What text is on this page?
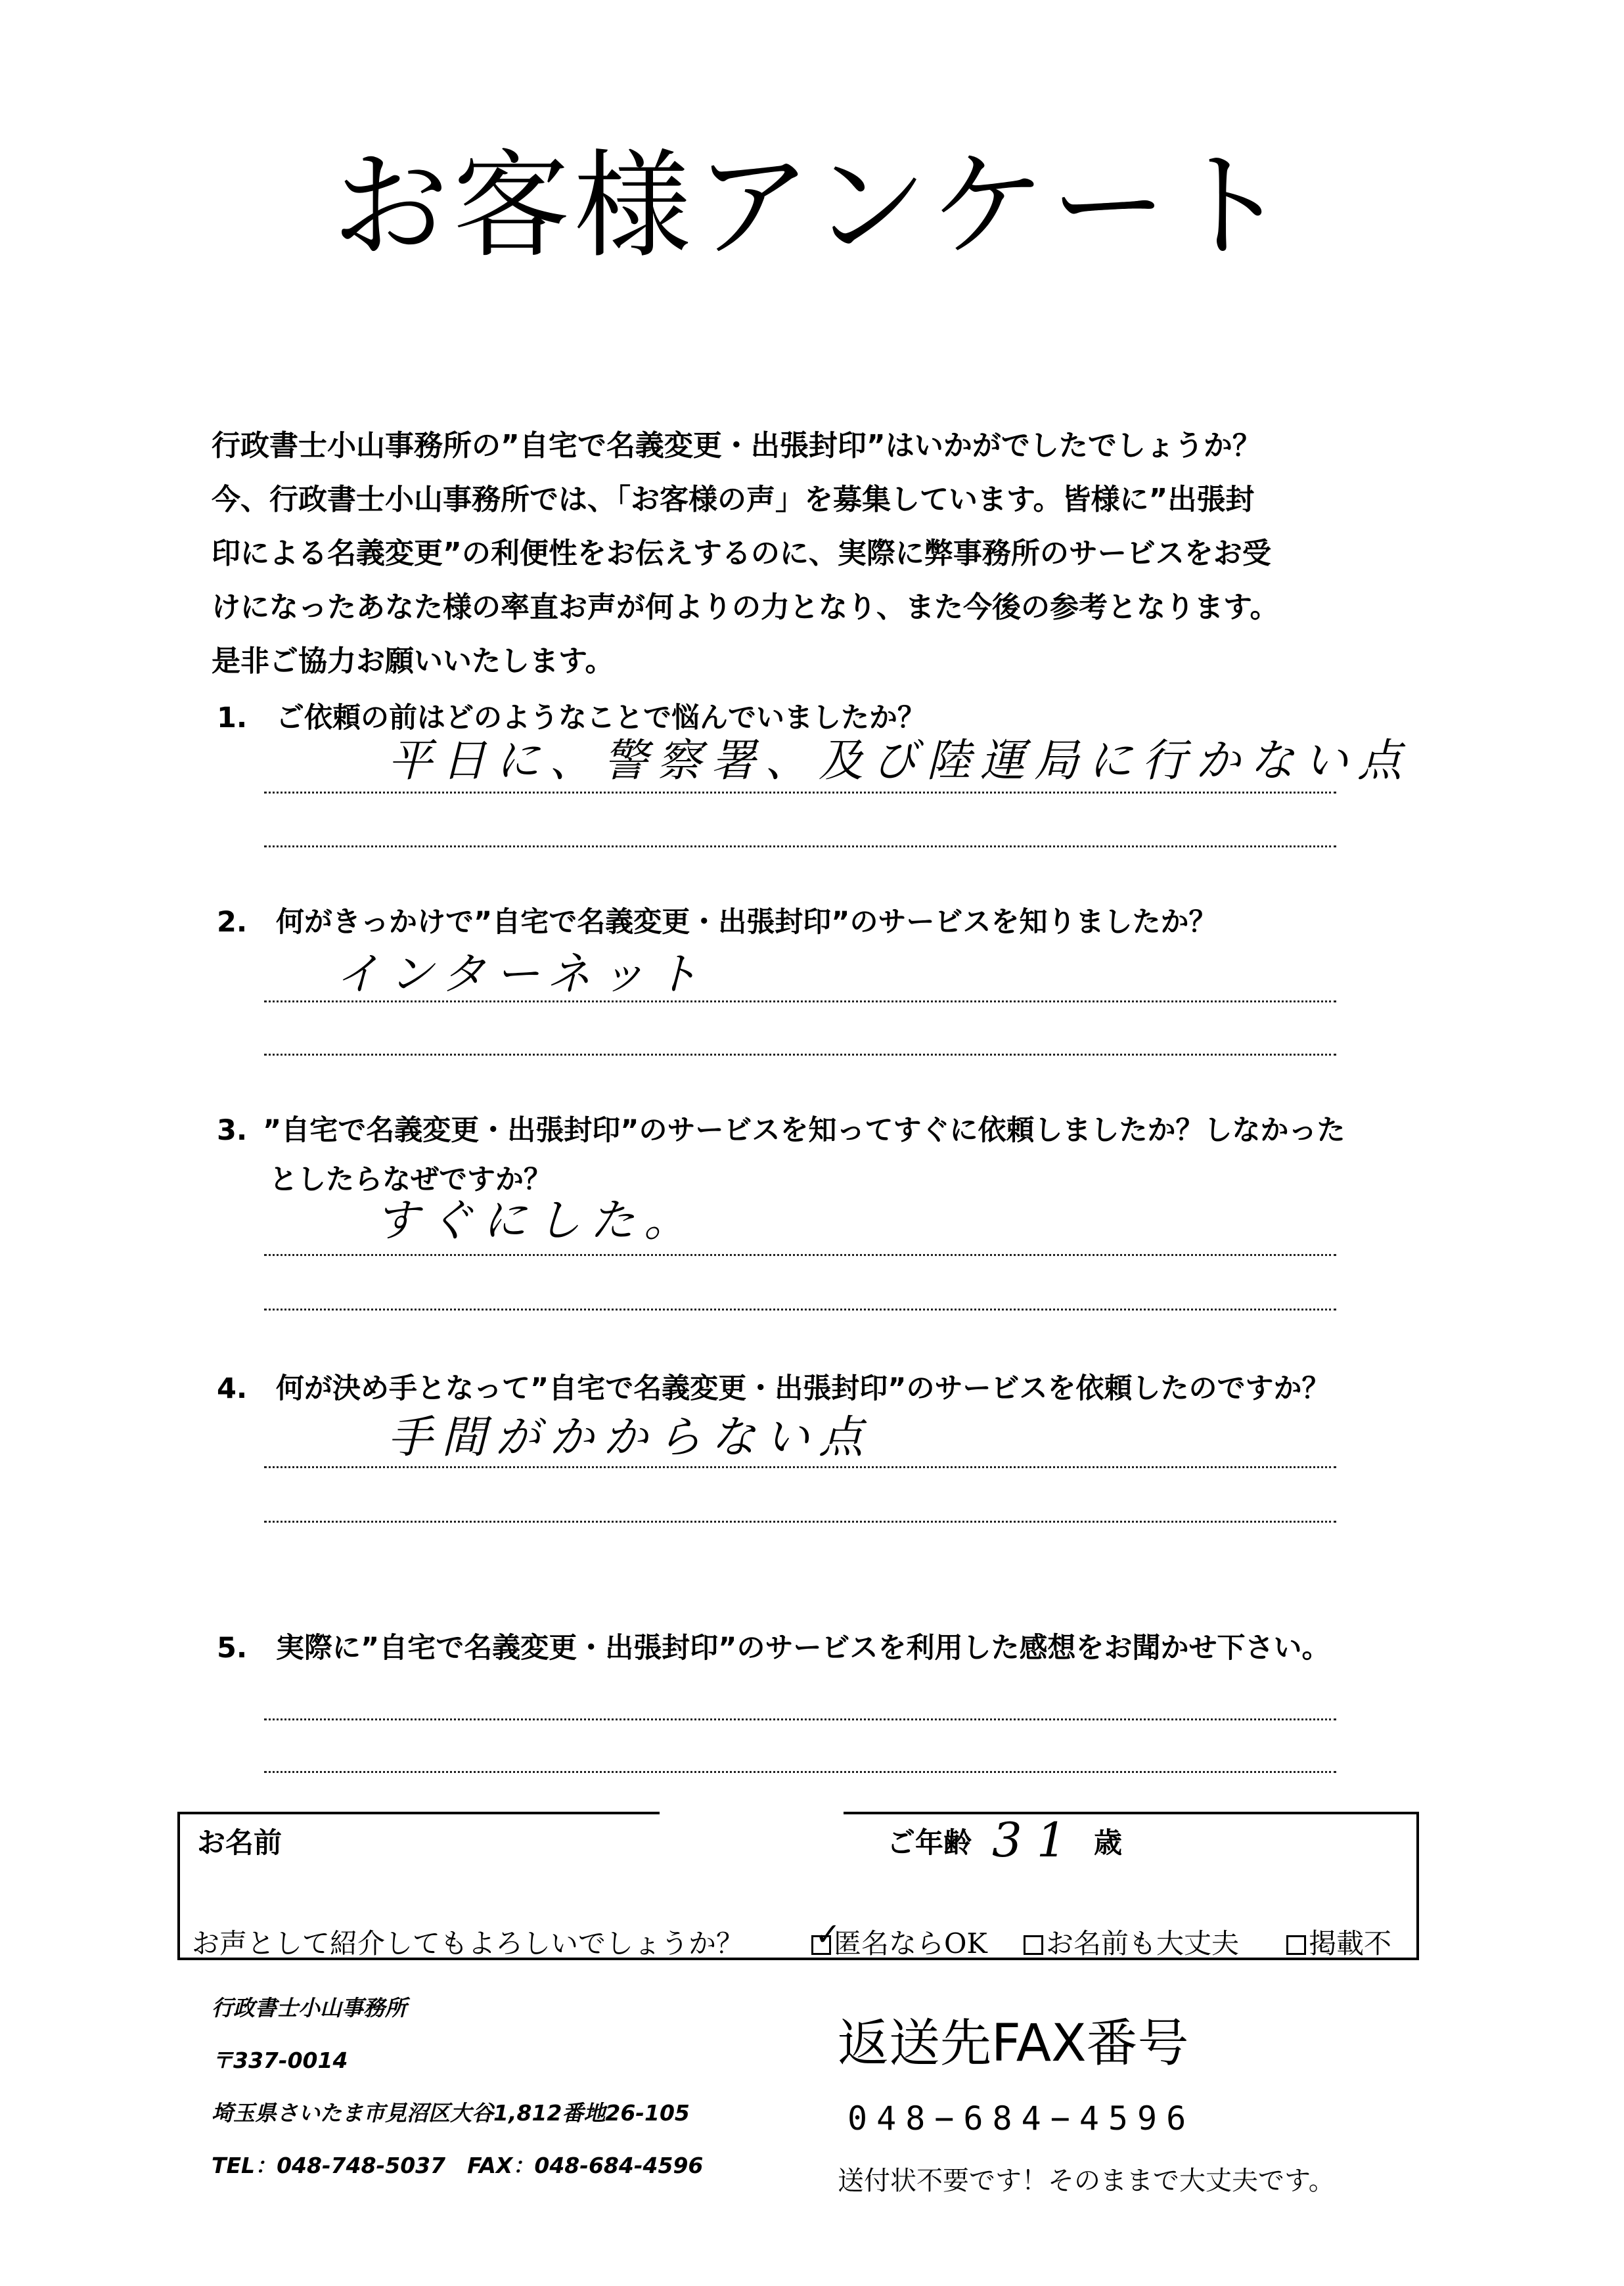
お客様アンケート
行政書士小山事務所の”自宅で名義変更・出張封印”はいかがでしたでしょうか？
今、行政書士小山事務所では、「お客様の声」を募集しています。皆様に”出張封
印による名義変更”の利便性をお伝えするのに、実際に弊事務所のサービスをお受
けになったあなた様の率直お声が何よりの力となり、また今後の参考となります。
是非ご協力お願いいたします。
1. ご依頼の前はどのようなことで悩んでいましたか？
平日に、警察署、及び陸運局に行かない点
2. 何がきっかけで”自宅で名義変更・出張封印”のサービスを知りましたか？
インターネット
3. ”自宅で名義変更・出張封印”のサービスを知ってすぐに依頼しましたか？しなかった
としたらなぜですか？
すぐにした。
4. 何が決め手となって”自宅で名義変更・出張封印”のサービスを依頼したのですか？
手間がかからない点
5. 実際に”自宅で名義変更・出張封印”のサービスを利用した感想をお聞かせ下さい。
お名前	ご年齢 31 歳
お声として紹介してもよろしいでしょうか？ ✓
匿名ならOK	お名前も大丈夫	掲載不
行政書士小山事務所
〒337-0014
埼玉県さいたま市見沼区大谷1,812番地26-105
TEL：048-748-5037　FAX：048-684-4596
返送先FAX番号
048−684−4596
送付状不要です！そのままで大丈夫です。
